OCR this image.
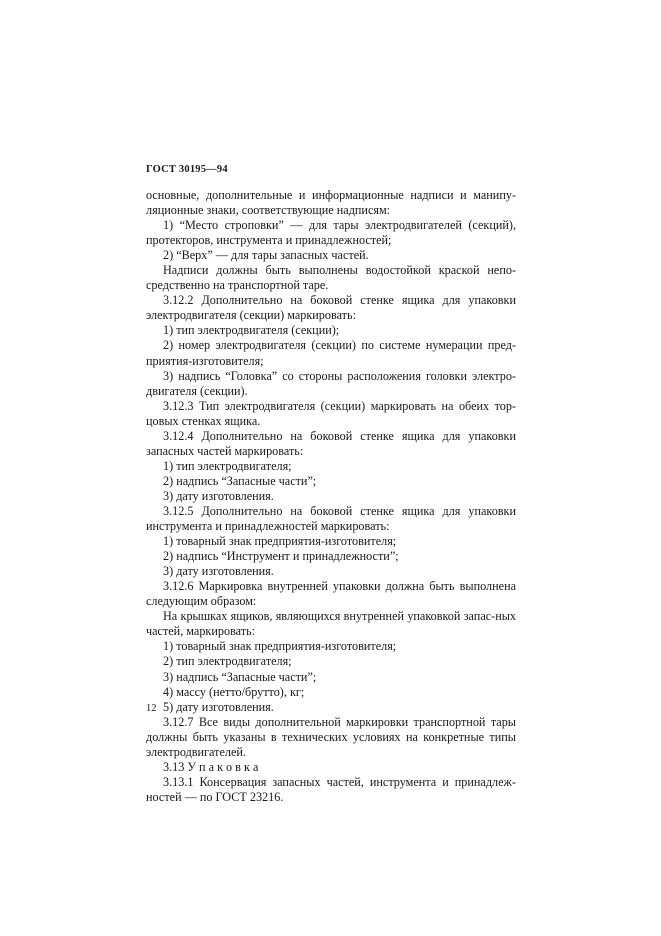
ГОСТ 30195—94

основные, дополнительные и информационные надписи и манипу-ляционные знаки, соответствующие надписям:

1) “Место строповки” — для тары электродвигателей (секций), протекторов, инструмента и принадлежностей;

2) “Верх” — для тары запасных частей.

Надписи должны быть выполнены водостойкой краской непо-средственно на транспортной таре.

3.12.2 Дополнительно на боковой стенке ящика для упаковки электродвигателя (секции) маркировать:

1) тип электродвигателя (секции);

2) номер электродвигателя (секции) по системе нумерации пред-приятия-изготовителя;

3) надпись “Головка” со стороны расположения головки электро-двигателя (секции).

3.12.3 Тип электродвигателя (секции) маркировать на обеих тор-цовых стенках ящика.

3.12.4 Дополнительно на боковой стенке ящика для упаковки запасных частей маркировать:

1) тип электродвигателя;

2) надпись “Запасные части”;

3) дату изготовления.

3.12.5 Дополнительно на боковой стенке ящика для упаковки инструмента и принадлежностей маркировать:

1) товарный знак предприятия-изготовителя;

2) надпись “Инструмент и принадлежности”;

3) дату изготовления.

3.12.6 Маркировка внутренней упаковки должна быть выполнена следующим образом:

На крышках ящиков, являющихся внутренней упаковкой запас-ных частей, маркировать:

1) товарный знак предприятия-изготовителя;

2) тип электродвигателя;

3) надпись “Запасные части”;

4) массу (нетто/брутто), кг;

5) дату изготовления.

3.12.7 Все виды дополнительной маркировки транспортной тары должны быть указаны в технических условиях на конкретные типы электродвигателей.

3.13 У п а к о в к а

3.13.1 Консервация запасных частей, инструмента и принадлеж-ностей — по ГОСТ 23216.

12
